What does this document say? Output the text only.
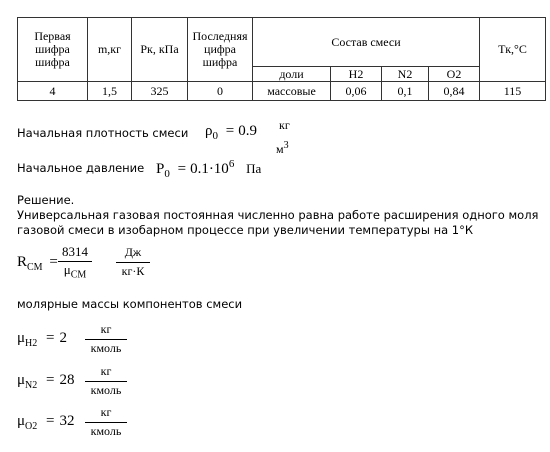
Первая шифра шифра	m,кг	Рк, кПа	Последняя цифра шифра	Состав смеси				Тк,°С
				доли	H2	N2	O2	
4	1,5	325	0	массовые	0,06	0,1	0,84	115
Начальная плотность смеси $\rho_0 = 0.9$ кг
$м^3$
Начальное давление $P_0 = 0.1\cdot 10^6$ Па
Решение.
Универсальная газовая постоянная численно равна работе расширения одного моля
газовой смеси в изобарном процессе при увеличении температуры на 1°К
$R_{СМ}$ =
8314
$\mu_{СМ}$
Дж
кг·К
молярные массы компонентов смеси
$\mu_{H2} = 2$
кг
кмоль
$\mu_{N2} = 28$
кг
кмоль
$\mu_{O2} = 32$
кг
кмоль
